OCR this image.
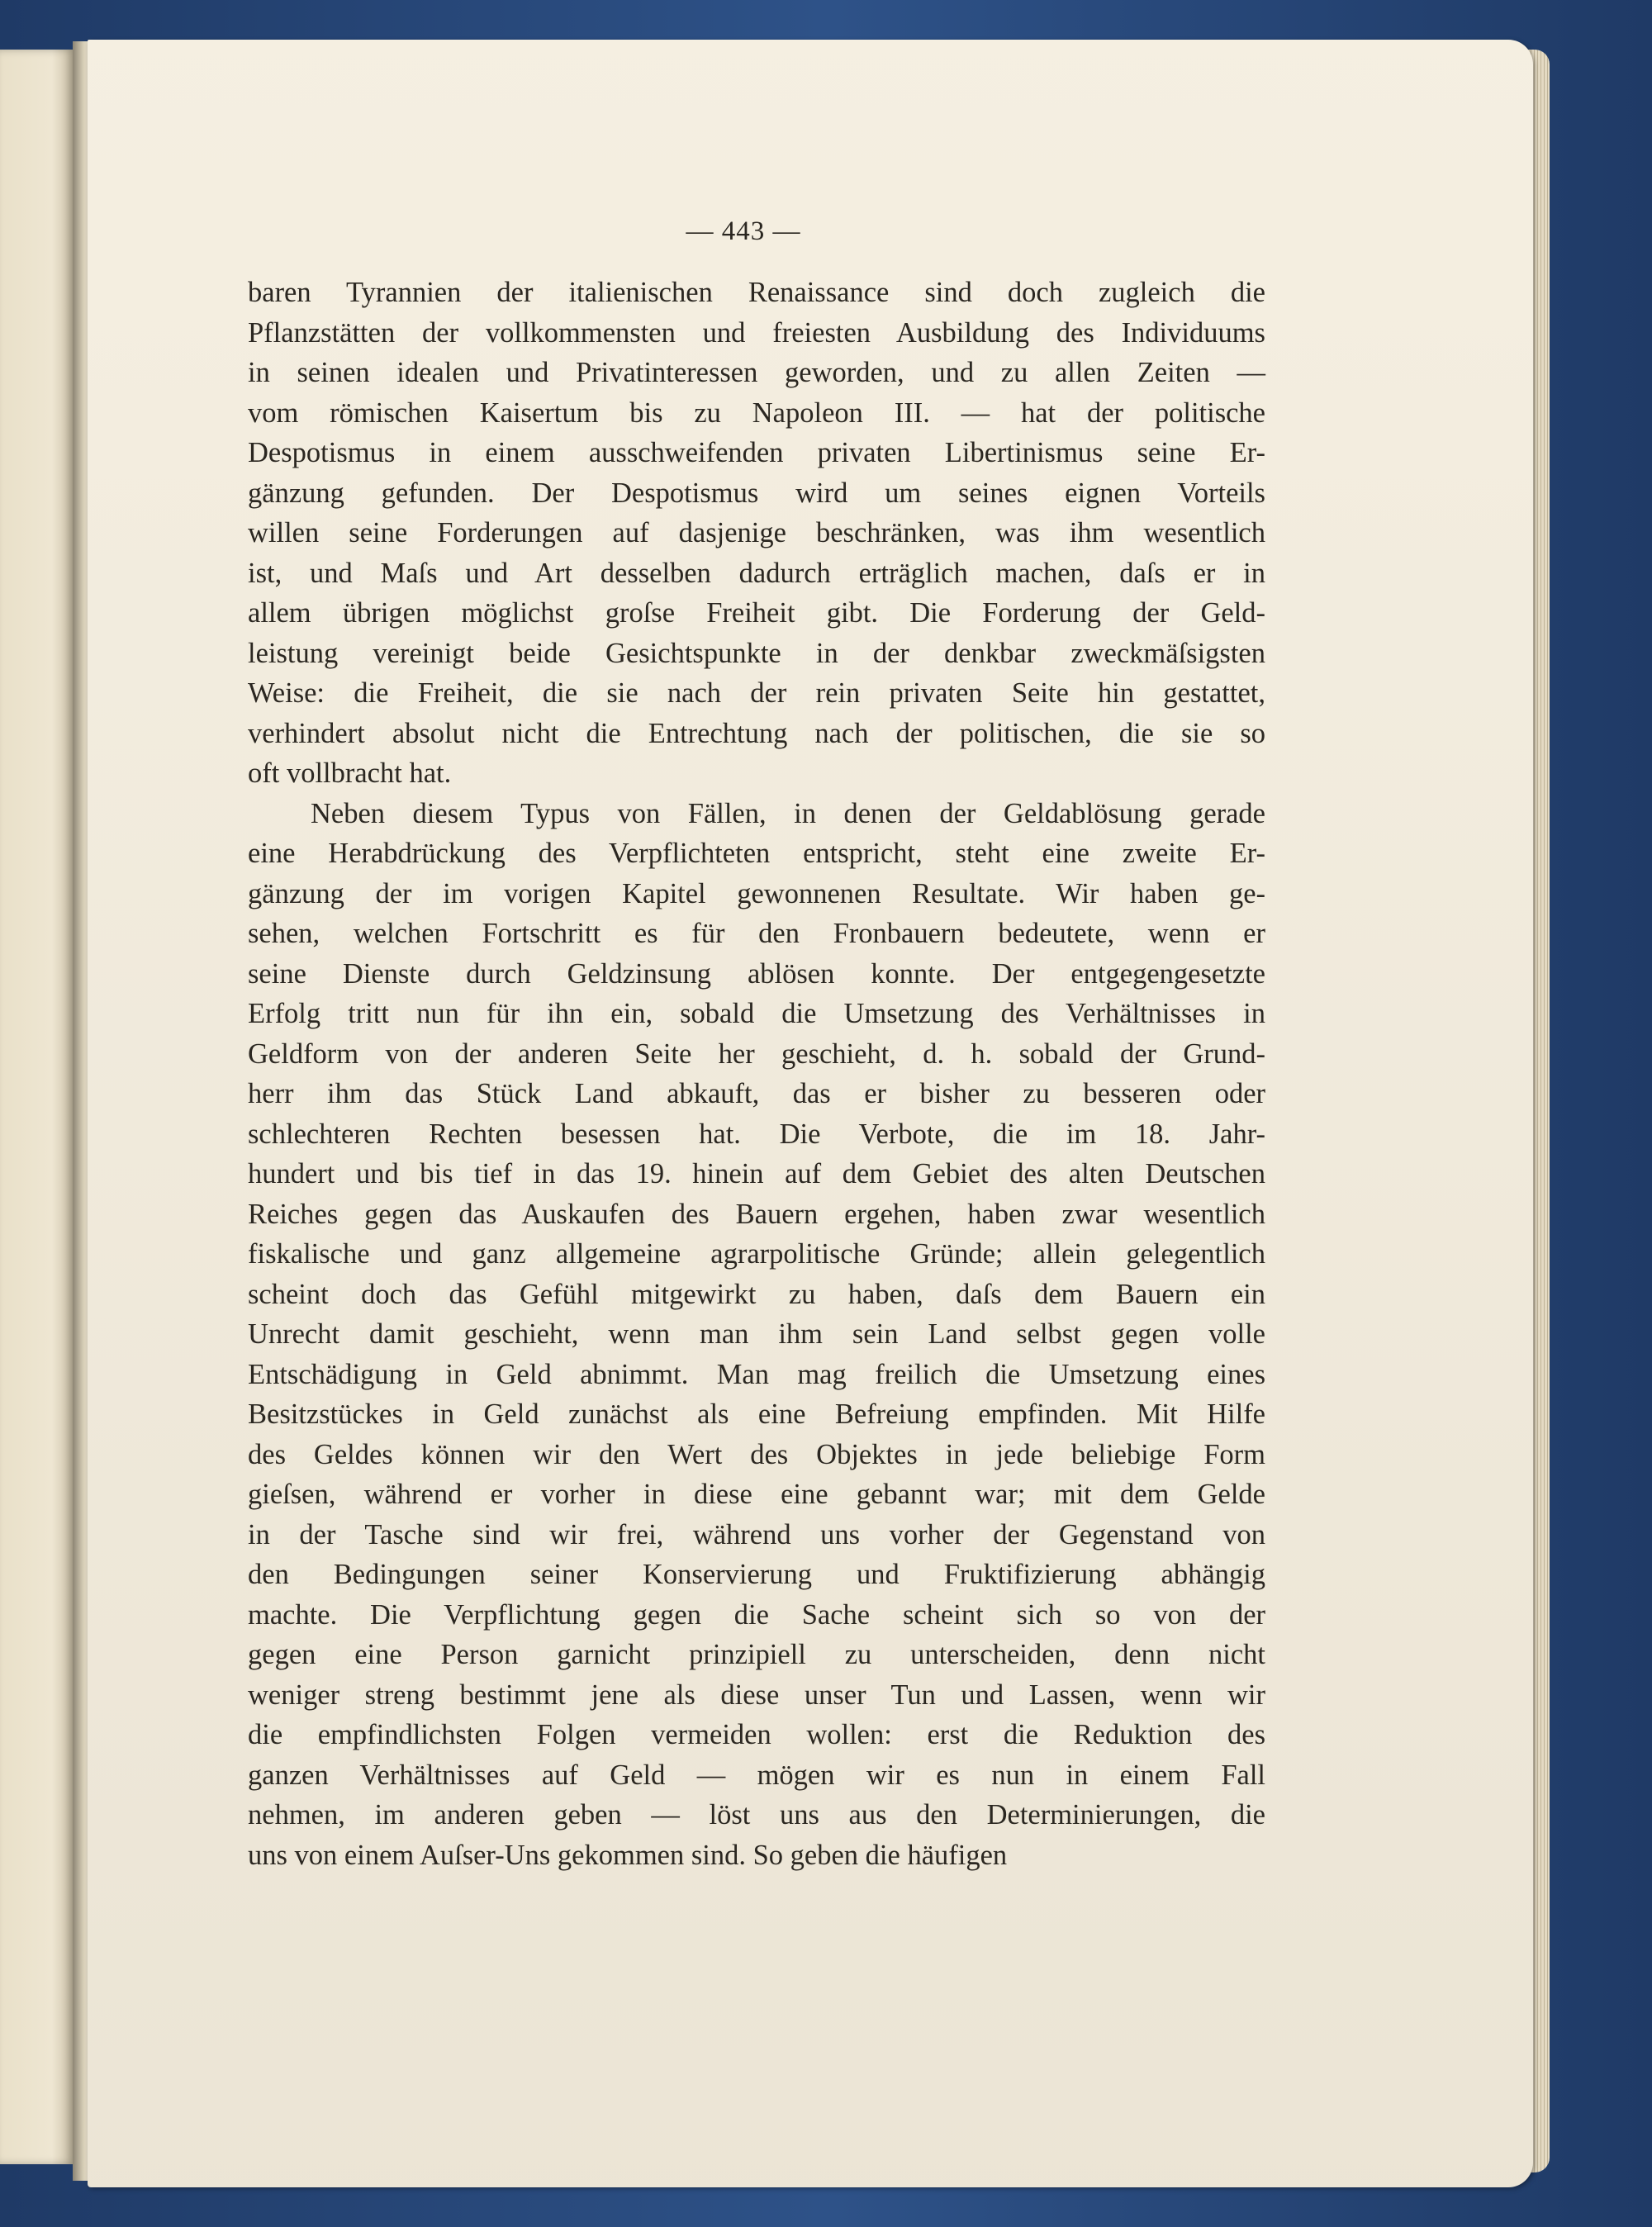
— 443 —
baren Tyrannien der italienischen Renaissance sind doch zugleich die
Pflanzstätten der vollkommensten und freiesten Ausbildung des Individuums
in seinen idealen und Privatinteressen geworden, und zu allen Zeiten —
vom römischen Kaisertum bis zu Napoleon III. — hat der politische
Despotismus in einem ausschweifenden privaten Libertinismus seine Er-
gänzung gefunden. Der Despotismus wird um seines eignen Vorteils
willen seine Forderungen auf dasjenige beschränken, was ihm wesentlich
ist, und Maſs und Art desselben dadurch erträglich machen, daſs er in
allem übrigen möglichst groſse Freiheit gibt. Die Forderung der Geld-
leistung vereinigt beide Gesichtspunkte in der denkbar zweckmäſsigsten
Weise: die Freiheit, die sie nach der rein privaten Seite hin gestattet,
verhindert absolut nicht die Entrechtung nach der politischen, die sie so
oft vollbracht hat.
Neben diesem Typus von Fällen, in denen der Geldablösung gerade
eine Herabdrückung des Verpflichteten entspricht, steht eine zweite Er-
gänzung der im vorigen Kapitel gewonnenen Resultate. Wir haben ge-
sehen, welchen Fortschritt es für den Fronbauern bedeutete, wenn er
seine Dienste durch Geldzinsung ablösen konnte. Der entgegengesetzte
Erfolg tritt nun für ihn ein, sobald die Umsetzung des Verhältnisses in
Geldform von der anderen Seite her geschieht, d. h. sobald der Grund-
herr ihm das Stück Land abkauft, das er bisher zu besseren oder
schlechteren Rechten besessen hat. Die Verbote, die im 18. Jahr-
hundert und bis tief in das 19. hinein auf dem Gebiet des alten Deutschen
Reiches gegen das Auskaufen des Bauern ergehen, haben zwar wesentlich
fiskalische und ganz allgemeine agrarpolitische Gründe; allein gelegentlich
scheint doch das Gefühl mitgewirkt zu haben, daſs dem Bauern ein
Unrecht damit geschieht, wenn man ihm sein Land selbst gegen volle
Entschädigung in Geld abnimmt. Man mag freilich die Umsetzung eines
Besitzstückes in Geld zunächst als eine Befreiung empfinden. Mit Hilfe
des Geldes können wir den Wert des Objektes in jede beliebige Form
gieſsen, während er vorher in diese eine gebannt war; mit dem Gelde
in der Tasche sind wir frei, während uns vorher der Gegenstand von
den Bedingungen seiner Konservierung und Fruktifizierung abhängig
machte. Die Verpflichtung gegen die Sache scheint sich so von der
gegen eine Person garnicht prinzipiell zu unterscheiden, denn nicht
weniger streng bestimmt jene als diese unser Tun und Lassen, wenn wir
die empfindlichsten Folgen vermeiden wollen: erst die Reduktion des
ganzen Verhältnisses auf Geld — mögen wir es nun in einem Fall
nehmen, im anderen geben — löst uns aus den Determinierungen, die
uns von einem Auſser-Uns gekommen sind. So geben die häufigen
